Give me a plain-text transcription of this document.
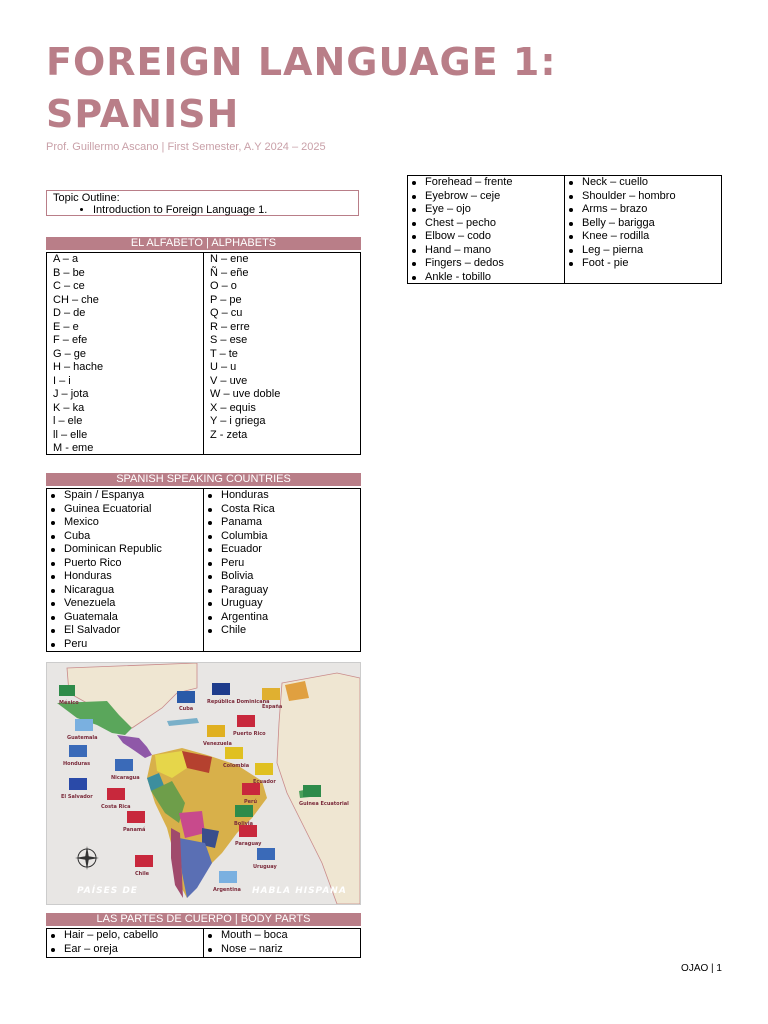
FOREIGN LANGUAGE 1:
SPANISH
Prof. Guillermo Ascano | First Semester, A.Y 2024 – 2025
Topic Outline:
• Introduction to Foreign Language 1.
EL ALFABETO | ALPHABETS
A – a
B – be
C – ce
CH – che
D – de
E – e
F – efe
G – ge
H – hache
I – i
J – jota
K – ka
l – ele
ll – elle
M - eme
N – ene
Ñ – eñe
O – o
P – pe
Q – cu
R – erre
S – ese
T – te
U – u
V – uve
W – uve doble
X – equis
Y – i griega
Z - zeta
SPANISH SPEAKING COUNTRIES
Spain / Espanya
Guinea Ecuatorial
Mexico
Cuba
Dominican Republic
Puerto Rico
Honduras
Nicaragua
Venezuela
Guatemala
El Salvador
Peru
Honduras
Costa Rica
Panama
Columbia
Ecuador
Peru
Bolivia
Paraguay
Uruguay
Argentina
Chile
México
Cuba
República Dominicana
España
Guatemala
Puerto Rico
Honduras
Venezuela
Nicaragua
Colombia
Ecuador
El Salvador
Costa Rica
Panamá
Perú	Guinea Ecuatorial
Bolivia
Paraguay
Uruguay
Chile
Argentina
PAÍSES DE	HABLA HISPANA
LAS PARTES DE CUERPO | BODY PARTS
Hair – pelo, cabello
Ear – oreja
Mouth – boca
Nose – nariz
Forehead – frente
Eyebrow – ceje
Eye – ojo
Chest – pecho
Elbow – codo
Hand – mano
Fingers – dedos
Ankle - tobillo
Neck – cuello
Shoulder – hombro
Arms – brazo
Belly – barigga
Knee – rodilla
Leg – pierna
Foot - pie
OJAO | 1
